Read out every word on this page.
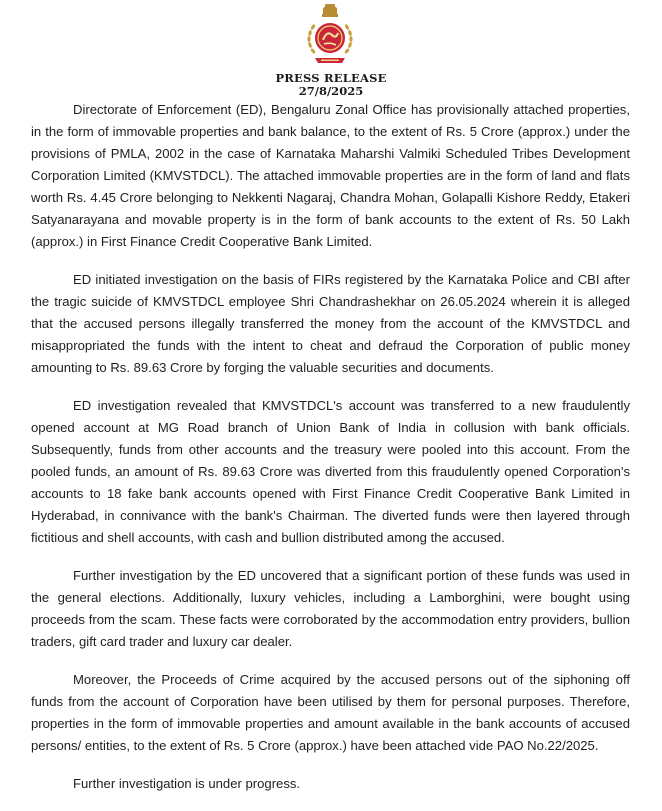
PRESS RELEASE
27/8/2025

Directorate of Enforcement (ED), Bengaluru Zonal Office has provisionally attached properties, in the form of immovable properties and bank balance, to the extent of Rs. 5 Crore (approx.) under the provisions of PMLA, 2002 in the case of Karnataka Maharshi Valmiki Scheduled Tribes Development Corporation Limited (KMVSTDCL). The attached immovable properties are in the form of land and flats worth Rs. 4.45 Crore belonging to Nekkenti Nagaraj, Chandra Mohan, Golapalli Kishore Reddy, Etakeri Satyanarayana and movable property is in the form of bank accounts to the extent of Rs. 50 Lakh (approx.) in First Finance Credit Cooperative Bank Limited.

ED initiated investigation on the basis of FIRs registered by the Karnataka Police and CBI after the tragic suicide of KMVSTDCL employee Shri Chandrashekhar on 26.05.2024 wherein it is alleged that the accused persons illegally transferred the money from the account of the KMVSTDCL and misappropriated the funds with the intent to cheat and defraud the Corporation of public money amounting to Rs. 89.63 Crore by forging the valuable securities and documents.

ED investigation revealed that KMVSTDCL's account was transferred to a new fraudulently opened account at MG Road branch of Union Bank of India in collusion with bank officials. Subsequently, funds from other accounts and the treasury were pooled into this account. From the pooled funds, an amount of Rs. 89.63 Crore was diverted from this fraudulently opened Corporation's accounts to 18 fake bank accounts opened with First Finance Credit Cooperative Bank Limited in Hyderabad, in connivance with the bank's Chairman. The diverted funds were then layered through fictitious and shell accounts, with cash and bullion distributed among the accused.

Further investigation by the ED uncovered that a significant portion of these funds was used in the general elections. Additionally, luxury vehicles, including a Lamborghini, were bought using proceeds from the scam. These facts were corroborated by the accommodation entry providers, bullion traders, gift card trader and luxury car dealer.

Moreover, the Proceeds of Crime acquired by the accused persons out of the siphoning off funds from the account of Corporation have been utilised by them for personal purposes. Therefore, properties in the form of immovable properties and amount available in the bank accounts of accused persons/ entities, to the extent of Rs. 5 Crore (approx.) have been attached vide PAO No.22/2025.

Further investigation is under progress.
